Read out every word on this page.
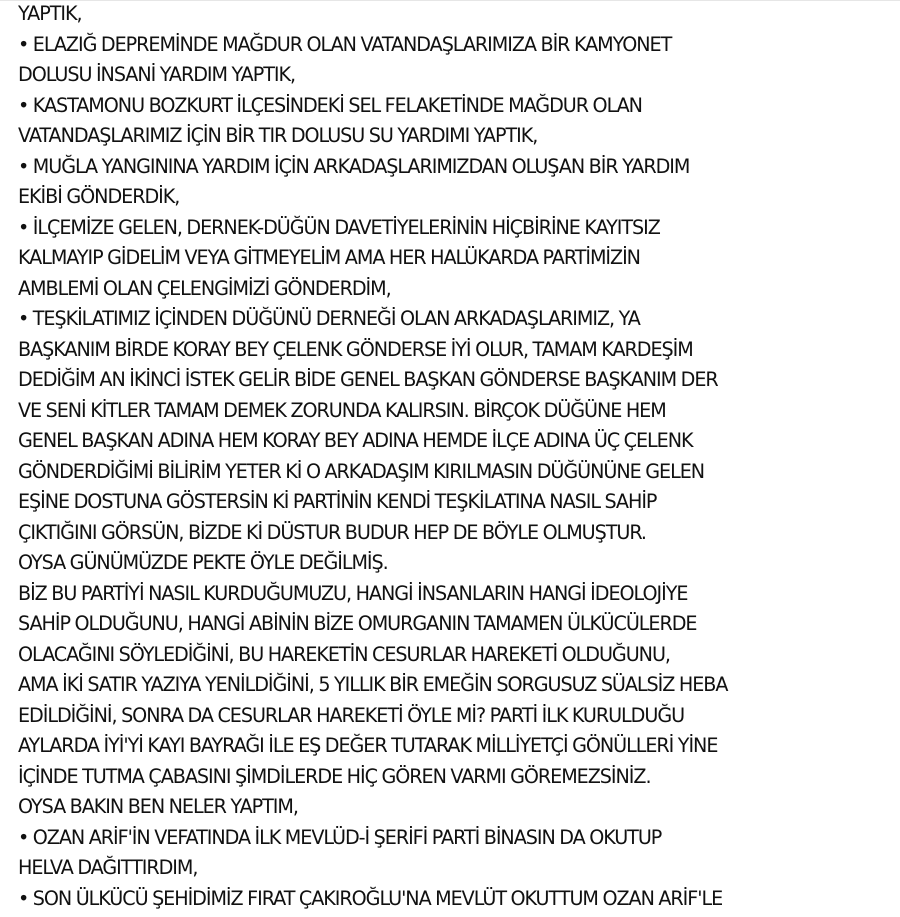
YAPTIK,
• ELAZIĞ DEPREMİNDE MAĞDUR OLAN VATANDAŞLARIMIZA BİR KAMYONET
DOLUSU İNSANİ YARDIM YAPTIK,
• KASTAMONU BOZKURT İLÇESİNDEKİ SEL FELAKETİNDE MAĞDUR OLAN
VATANDAŞLARIMIZ İÇİN BİR TIR DOLUSU SU YARDIMI YAPTIK,
• MUĞLA YANGININA YARDIM İÇİN ARKADAŞLARIMIZDAN OLUŞAN BİR YARDIM
EKİBİ GÖNDERDİK,
• İLÇEMİZE GELEN, DERNEK-DÜĞÜN DAVETİYELERİNİN HİÇBİRİNE KAYITSIZ
KALMAYIP GİDELİM VEYA GİTMEYELİM AMA HER HALÜKARDA PARTİMİZİN
AMBLEMİ OLAN ÇELENGİMİZİ GÖNDERDİM,
• TEŞKİLATIMIZ İÇİNDEN DÜĞÜNÜ DERNEĞİ OLAN ARKADAŞLARIMIZ, YA
BAŞKANIM BİRDE KORAY BEY ÇELENK GÖNDERSE İYİ OLUR, TAMAM KARDEŞİM
DEDİĞİM AN İKİNCİ İSTEK GELİR BİDE GENEL BAŞKAN GÖNDERSE BAŞKANIM DER
VE SENİ KİTLER TAMAM DEMEK ZORUNDA KALIRSIN. BİRÇOK DÜĞÜNE HEM
GENEL BAŞKAN ADINA HEM KORAY BEY ADINA HEMDE İLÇE ADINA ÜÇ ÇELENK
GÖNDERDİĞİMİ BİLİRİM YETER Kİ O ARKADAŞIM KIRILMASIN DÜĞÜNÜNE GELEN
EŞİNE DOSTUNA GÖSTERSİN Kİ PARTİNİN KENDİ TEŞKİLATINA NASIL SAHİP
ÇIKTIĞINI GÖRSÜN, BİZDE Kİ DÜSTUR BUDUR HEP DE BÖYLE OLMUŞTUR.
OYSA GÜNÜMÜZDE PEKTE ÖYLE DEĞİLMİŞ.
BİZ BU PARTİYİ NASIL KURDUĞUMUZU, HANGİ İNSANLARIN HANGİ İDEOLOJİYE
SAHİP OLDUĞUNU, HANGİ ABİNİN BİZE OMURGANIN TAMAMEN ÜLKÜCÜLERDE
OLACAĞINI SÖYLEDİĞİNİ, BU HAREKETİN CESURLAR HAREKETİ OLDUĞUNU,
AMA İKİ SATIR YAZIYA YENİLDİĞİNİ, 5 YILLIK BİR EMEĞİN SORGUSUZ SÜALSİZ HEBA
EDİLDİĞİNİ, SONRA DA CESURLAR HAREKETİ ÖYLE Mİ? PARTİ İLK KURULDUĞU
AYLARDA İYİ'Yİ KAYI BAYRAĞI İLE EŞ DEĞER TUTARAK MİLLİYETÇİ GÖNÜLLERİ YİNE
İÇİNDE TUTMA ÇABASINI ŞİMDİLERDE HİÇ GÖREN VARMI GÖREMEZSİNİZ.
OYSA BAKIN BEN NELER YAPTIM,
• OZAN ARİF'İN VEFATINDA İLK MEVLÜD-İ ŞERİFİ PARTİ BİNASIN DA OKUTUP
HELVA DAĞITTIRDIM,
• SON ÜLKÜCÜ ŞEHİDİMİZ FIRAT ÇAKIROĞLU'NA MEVLÜT OKUTTUM OZAN ARİF'LE
